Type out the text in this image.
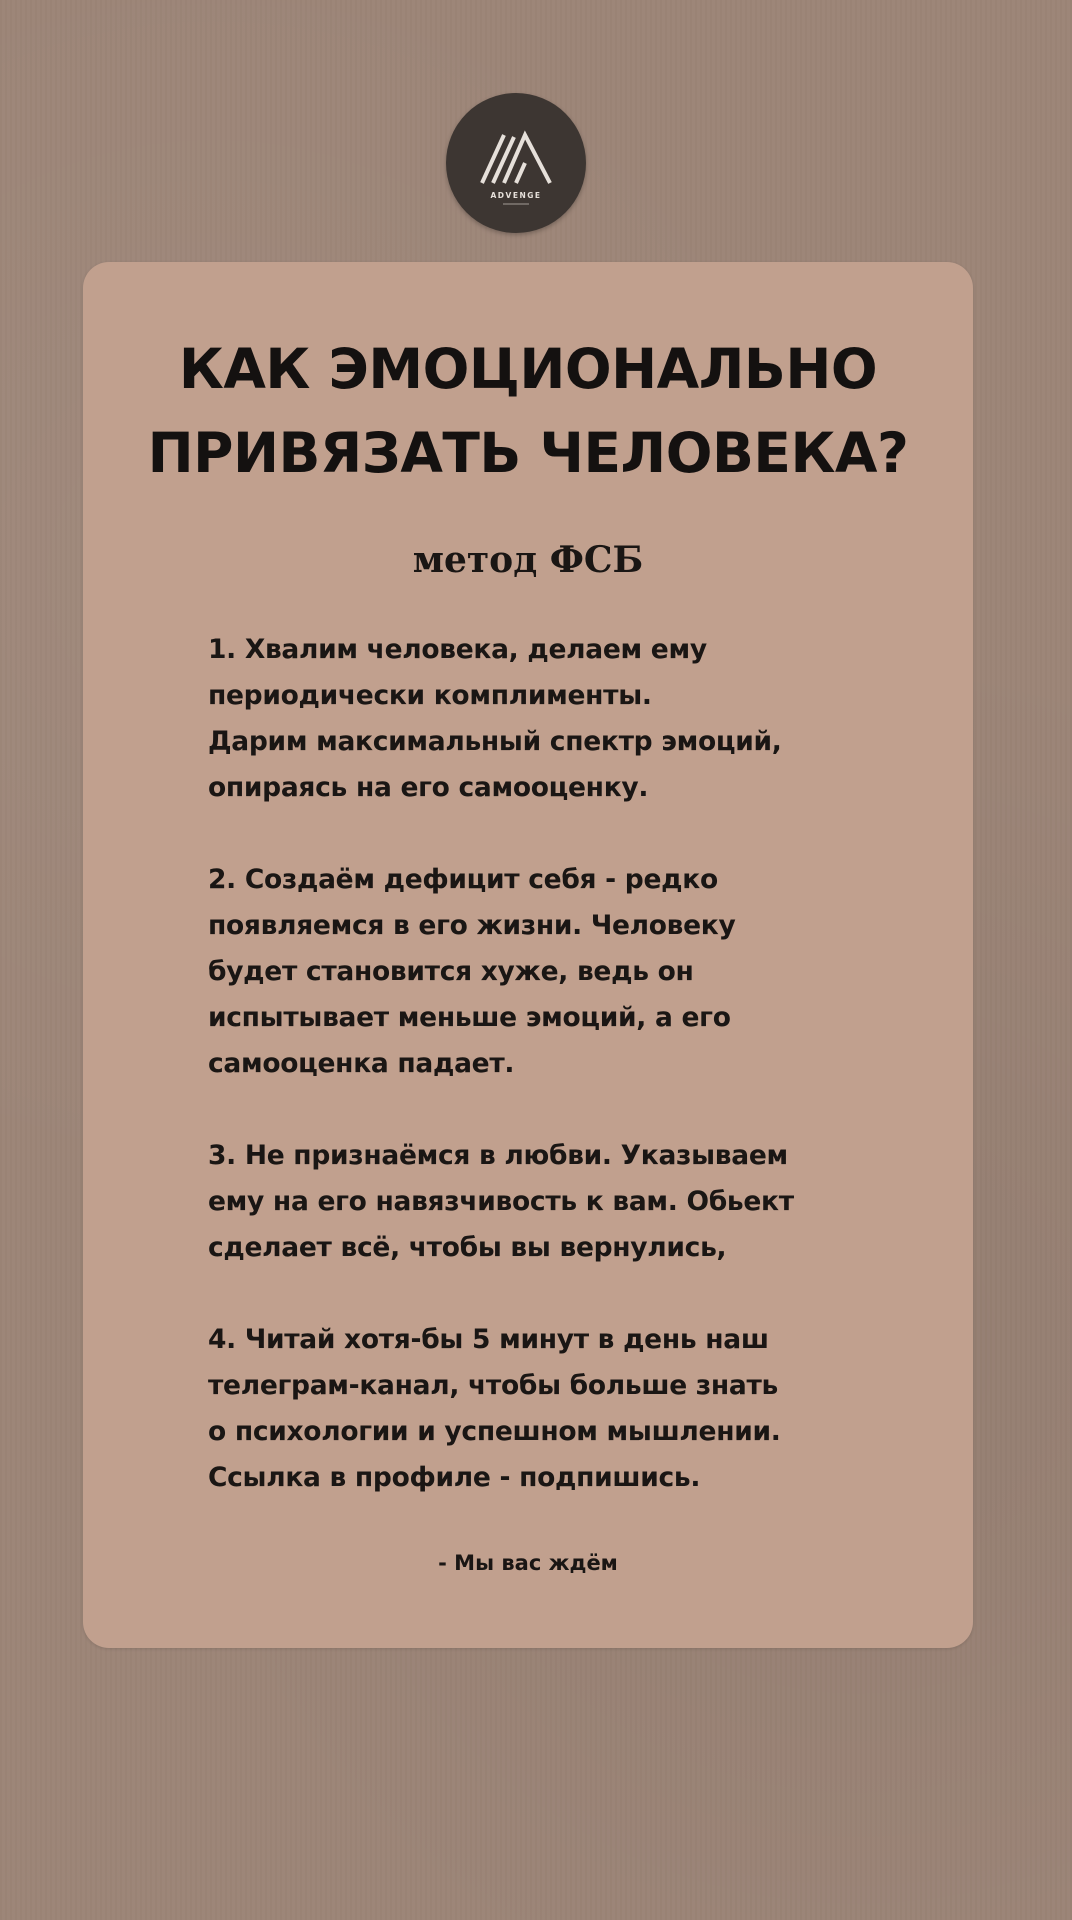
ADVENGE
КАК ЭМОЦИОНАЛЬНО
ПРИВЯЗАТЬ ЧЕЛОВЕКА?
метод ФСБ

1. Хвалим человека, делаем ему
периодически комплименты.
Дарим максимальный спектр эмоций,
опираясь на его самооценку.

2. Создаём дефицит себя - редко
появляемся в его жизни. Человеку
будет становится хуже, ведь он
испытывает меньше эмоций, а его
самооценка падает.

3. Не признаёмся в любви. Указываем
ему на его навязчивость к вам. Обьект
сделает всё, чтобы вы вернулись,

4. Читай хотя-бы 5 минут в день наш
телеграм-канал, чтобы больше знать
о психологии и успешном мышлении.
Ссылка в профиле - подпишись.

- Мы вас ждём
